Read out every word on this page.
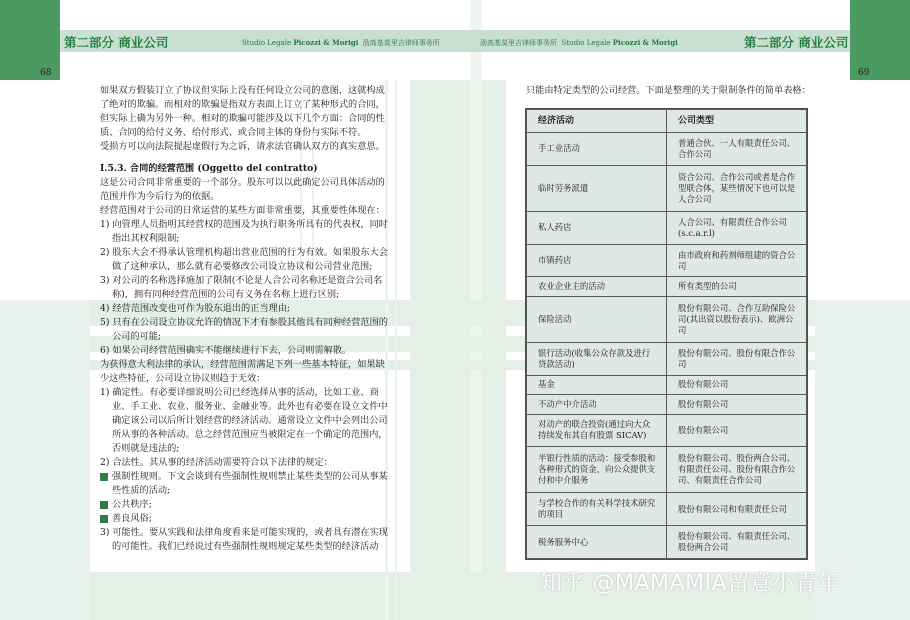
第二部分 商业公司	Studio Legale Picozzi & Morigi 劭高基莫里吉律师事务所	劭高基莫里吉律师事务所 Studio Legale Picozzi & Morigi	第二部分 商业公司
68	69

如果双方假装订立了协议但实际上没有任何设立公司的意图，这就构成了绝对的欺骗。而相对的欺骗是指双方表面上订立了某种形式的合同，但实际上确为另外一种。相对的欺骗可能涉及以下几个方面：合同的性质、合同的给付义务、给付形式、或合同主体的身份与实际不符。

受损方可以向法院提起虚假行为之诉，请求法官确认双方的真实意思。

I.5.3. 合同的经营范围 (Oggetto del contratto)

这是公司合同非常重要的一个部分。股东可以以此确定公司具体活动的范围并作为今后行为的依据。

经营范围对于公司的日常运营的某些方面非常重要，其重要性体现在：

1) 向管理人员指明其经营权的范围及为执行职务所具有的代表权，同时指出其权利限制;

2) 股东大会不得承认管理机构超出营业范围的行为有效。如果股东大会做了这种承认，那么就有必要修改公司设立协议和公司营业范围;

3) 对公司的名称选择施加了限制(不论是人合公司名称还是资合公司名称)，拥有同种经营范围的公司有义务在名称上进行区别;

4) 经营范围改变也可作为股东退出的正当理由;

5) 只有在公司设立协议允许的情况下才有参股其他具有同种经营范围的公司的可能;

6) 如果公司经营范围确实不能继续进行下去，公司则需解散。

为获得意大利法律的承认，经营范围需满足下列一些基本特征，如果缺少这些特征，公司设立协议则趋于无效：

1) 确定性。有必要详细说明公司已经选择从事的活动，比如工业、商业、手工业、农业、服务业、金融业等。此外也有必要在设立文件中确定该公司以后所计划经营的经济活动。通常设立文件中会列出公司所从事的各种活动。总之经营范围应当被限定在一个确定的范围内，否则就是违法的;

2) 合法性。其从事的经济活动需要符合以下法律的规定：

强制性规则。下文会谈到有些强制性规则禁止某些类型的公司从事某些性质的活动;

公共秩序;

善良风俗;

3) 可能性。要从实践和法律角度看来是可能实现的，或者具有潜在实现的可能性。我们已经说过有些强制性规则规定某些类型的经济活动

只能由特定类型的公司经营。下面是整理的关于限制条件的简单表格：
经济活动	公司类型
手工业活动	普通合伙、一人有限责任公司、合作公司
临时劳务派遣	资合公司、合作公司或者是合作型联合体，某些情况下也可以是人合公司
私人药店	人合公司、有限责任合作公司 (s.c.a.r.l)
市镇药店	由市政府和药剂师组建的资合公司
农业企业主的活动	所有类型的公司
保险活动	股份有限公司、合作互助保险公司(其出资以股份表示)、欧洲公司
银行活动(收集公众存款及进行贷款活动)	股份有限公司、股份有限合作公司
基金	股份有限公司
不动产中介活动	股份有限公司
对动产的联合投资(通过向大众持续发布其自有股票 SICAV)	股份有限公司
半银行性质的活动：接受参股和各种形式的资金，向公众提供支付和中介服务	股份有限公司、股份两合公司、有限责任公司、股份有限合作公司、有限责任合作公司
与学校合作的有关科学技术研究的项目	股份有限公司和有限责任公司
税务服务中心	股份有限公司、有限责任公司、股份两合公司
知乎 @MAMAMIA留意小青年
